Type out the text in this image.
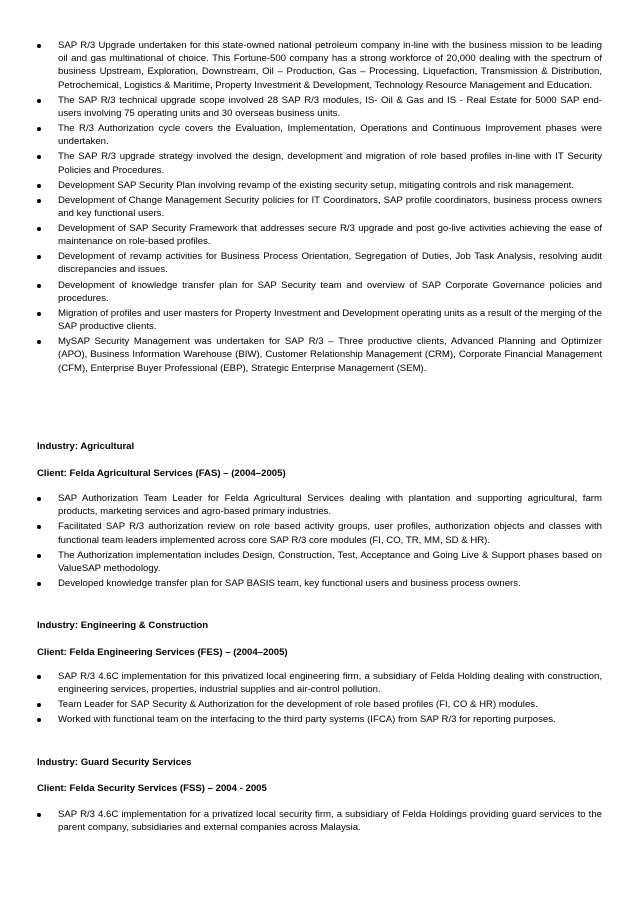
SAP R/3 Upgrade undertaken for this state-owned national petroleum company in-line with the business mission to be leading oil and gas multinational of choice. This Fortune-500 company has a strong workforce of 20,000 dealing with the spectrum of business Upstream, Exploration, Downstream, Oil – Production, Gas – Processing, Liquefaction, Transmission & Distribution, Petrochemical, Logistics & Maritime, Property Investment & Development, Technology Resource Management and Education.
The SAP R/3 technical upgrade scope involved 28 SAP R/3 modules, IS- Oil & Gas and IS - Real Estate for 5000 SAP end-users involving 75 operating units and 30 overseas business units.
The R/3 Authorization cycle covers the Evaluation, Implementation, Operations and Continuous Improvement phases were undertaken.
The SAP R/3 upgrade strategy involved the design, development and migration of role based profiles in-line with IT Security Policies and Procedures.
Development SAP Security Plan involving revamp of the existing security setup, mitigating controls and risk management.
Development of Change Management Security policies for IT Coordinators, SAP profile coordinators, business process owners and key functional users.
Development of SAP Security Framework that addresses secure R/3 upgrade and post go-live activities achieving the ease of maintenance on role-based profiles.
Development of revamp activities for Business Process Orientation, Segregation of Duties, Job Task Analysis, resolving audit discrepancies and issues.
Development of knowledge transfer plan for SAP Security team and overview of SAP Corporate Governance policies and procedures.
Migration of profiles and user masters for Property Investment and Development operating units as a result of the merging of the SAP productive clients.
MySAP Security Management was undertaken for SAP R/3 – Three productive clients, Advanced Planning and Optimizer (APO), Business Information Warehouse (BIW), Customer Relationship Management (CRM), Corporate Financial Management (CFM), Enterprise Buyer Professional (EBP), Strategic Enterprise Management (SEM).
Industry: Agricultural
Client: Felda Agricultural Services (FAS) – (2004–2005)
SAP Authorization Team Leader for Felda Agricultural Services dealing with plantation and supporting agricultural, farm products, marketing services and agro-based primary industries.
Facilitated SAP R/3 authorization review on role based activity groups, user profiles, authorization objects and classes with functional team leaders implemented across core SAP R/3 core modules (FI, CO, TR, MM, SD & HR).
The Authorization implementation includes Design, Construction, Test, Acceptance and Going Live & Support phases based on ValueSAP methodology.
Developed knowledge transfer plan for SAP BASIS team, key functional users and business process owners.
Industry: Engineering & Construction
Client: Felda Engineering Services (FES) – (2004–2005)
SAP R/3 4.6C implementation for this privatized local engineering firm, a subsidiary of Felda Holding dealing with construction, engineering services, properties, industrial supplies and air-control pollution.
Team Leader for SAP Security & Authorization for the development of role based profiles (FI, CO & HR) modules.
Worked with functional team on the interfacing to the third party systems (IFCA) from SAP R/3 for reporting purposes.
Industry: Guard Security Services
Client: Felda Security Services (FSS) – 2004 - 2005
SAP R/3 4.6C implementation for a privatized local security firm, a subsidiary of Felda Holdings providing guard services to the parent company, subsidiaries and external companies across Malaysia.
